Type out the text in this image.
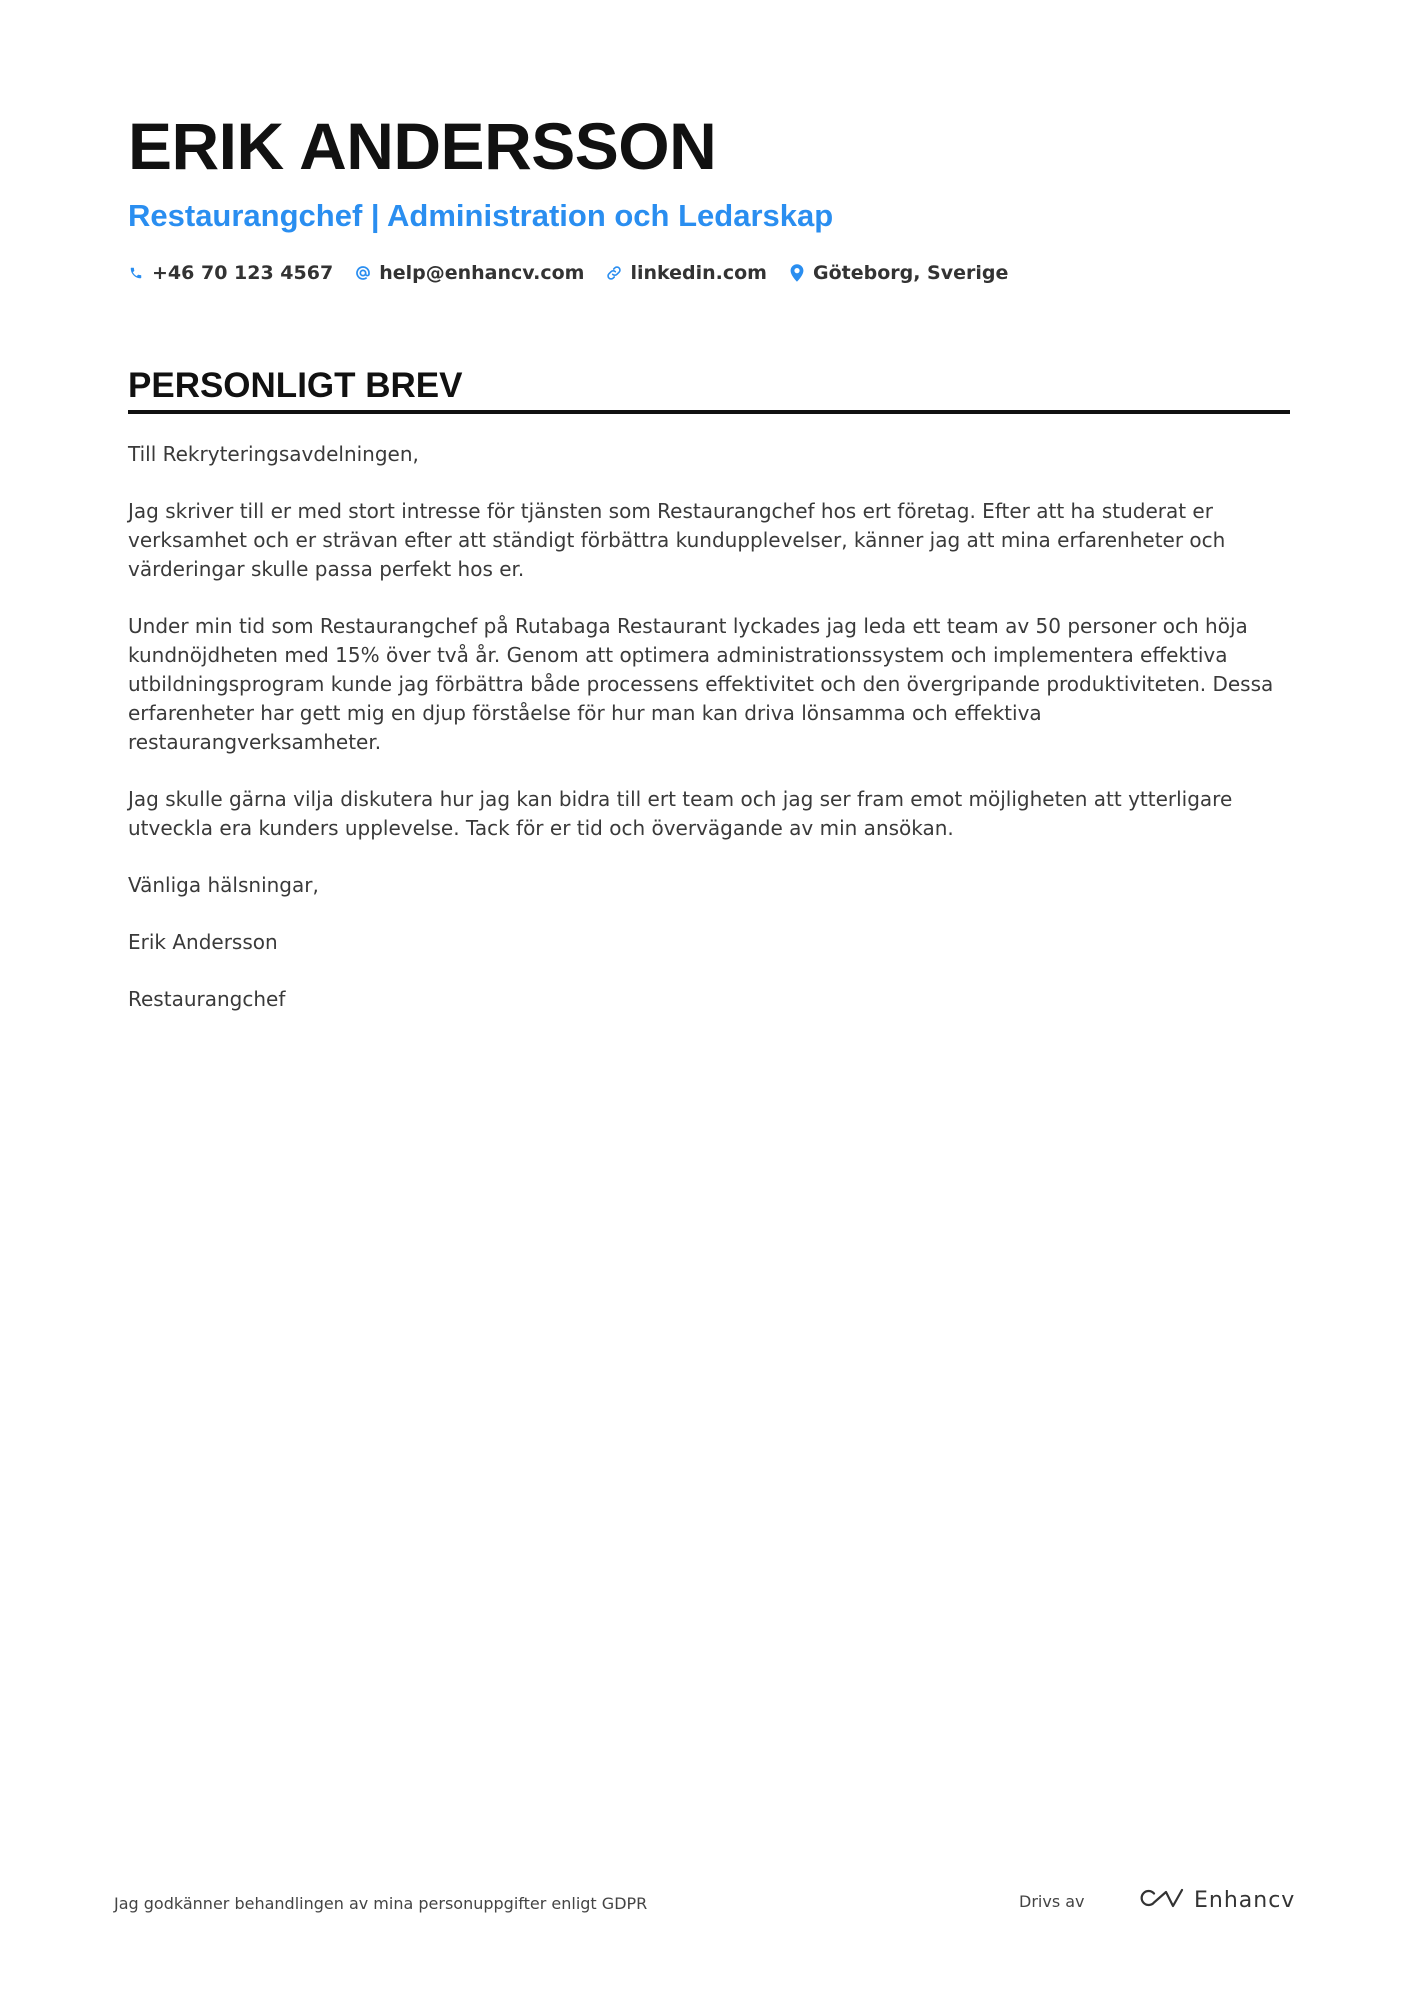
ERIK ANDERSSON
Restaurangchef | Administration och Ledarskap
+46 70 123 4567 help@enhancv.com linkedin.com Göteborg, Sverige
PERSONLIGT BREV

Till Rekryteringsavdelningen,

Jag skriver till er med stort intresse för tjänsten som Restaurangchef hos ert företag. Efter att ha studerat er verksamhet och er strävan efter att ständigt förbättra kundupplevelser, känner jag att mina erfarenheter och värderingar skulle passa perfekt hos er.

Under min tid som Restaurangchef på Rutabaga Restaurant lyckades jag leda ett team av 50 personer och höja kundnöjdheten med 15% över två år. Genom att optimera administrationssystem och implementera effektiva utbildningsprogram kunde jag förbättra både processens effektivitet och den övergripande produktiviteten. Dessa erfarenheter har gett mig en djup förståelse för hur man kan driva lönsamma och effektiva restaurangverksamheter.

Jag skulle gärna vilja diskutera hur jag kan bidra till ert team och jag ser fram emot möjligheten att ytterligare utveckla era kunders upplevelse. Tack för er tid och övervägande av min ansökan.

Vänliga hälsningar,

Erik Andersson

Restaurangchef

Jag godkänner behandlingen av mina personuppgifter enligt GDPR	Drivs av	Enhancv
